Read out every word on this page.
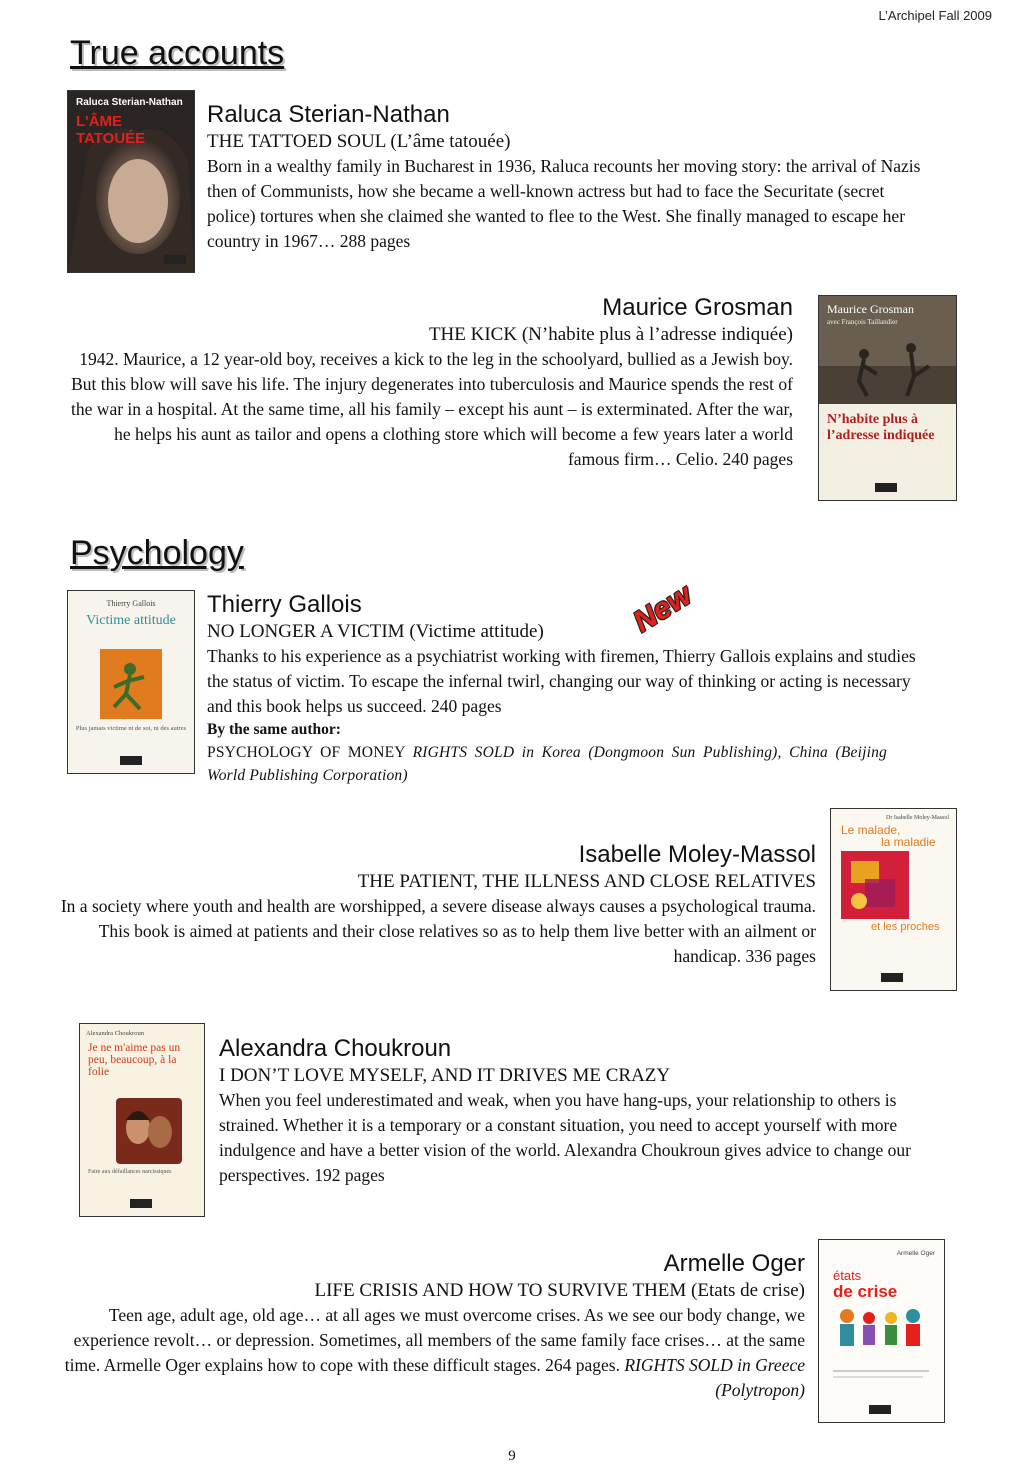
L’Archipel Fall 2009
True accounts
Raluca Sterian-Nathan
L'ÂME TATOUÉE
Raluca Sterian-Nathan
THE TATTOED SOUL (L’âme tatouée)
Born in a wealthy family in Bucharest in 1936, Raluca recounts her moving story: the arrival of Nazis then of Communists, how she became a well-known actress but had to face the Securitate (secret police) tortures when she claimed she wanted to flee to the West. She finally managed to escape her country in 1967… 288 pages
Maurice Grosman
THE KICK (N’habite plus à l’adresse indiquée)
1942. Maurice, a 12 year-old boy, receives a kick to the leg in the schoolyard, bullied as a Jewish boy. But this blow will save his life. The injury degenerates into tuberculosis and Maurice spends the rest of the war in a hospital. At the same time, all his family – except his aunt – is exterminated. After the war, he helps his aunt as tailor and opens a clothing store which will become a few years later a world famous firm… Celio. 240 pages
Maurice Grosman
avec François Taillandier
N’habite plus à l’adresse indiquée
Psychology
Thierry Gallois
Victime attitude
Plus jamais victime ni de soi, ni des autres
Thierry Gallois
NO LONGER A VICTIM (Victime attitude)
Thanks to his experience as a psychiatrist working with firemen, Thierry Gallois explains and studies the status of victim. To escape the infernal twirl, changing our way of thinking or acting is necessary and this book helps us succeed. 240 pages
By the same author:
PSYCHOLOGY OF MONEY RIGHTS SOLD in Korea (Dongmoon Sun Publishing), China (Beijing World Publishing Corporation)
New
Isabelle Moley-Massol
THE PATIENT, THE ILLNESS AND CLOSE RELATIVES
In a society where youth and health are worshipped, a severe disease always causes a psychological trauma. This book is aimed at patients and their close relatives so as to help them live better with an ailment or handicap. 336 pages
Dr Isabelle Moley-Massol
Le malade,
la maladie
et les proches
Alexandra Choukroun
Je ne m'aime pas un peu, beaucoup, à la folie
Faire aux défaillances narcissiques
Alexandra Choukroun
I DON’T LOVE MYSELF, AND IT DRIVES ME CRAZY
When you feel underestimated and weak, when you have hang-ups, your relationship to others is strained. Whether it is a temporary or a constant situation, you need to accept yourself with more indulgence and have a better vision of the world. Alexandra Choukroun gives advice to change our perspectives. 192 pages
Armelle Oger
LIFE CRISIS AND HOW TO SURVIVE THEM (Etats de crise)
Teen age, adult age, old age… at all ages we must overcome crises. As we see our body change, we experience revolt… or depression. Sometimes, all members of the same family face crises… at the same time. Armelle Oger explains how to cope with these difficult stages. 264 pages. RIGHTS SOLD in Greece (Polytropon)
Armelle Oger
états
de crise
9
